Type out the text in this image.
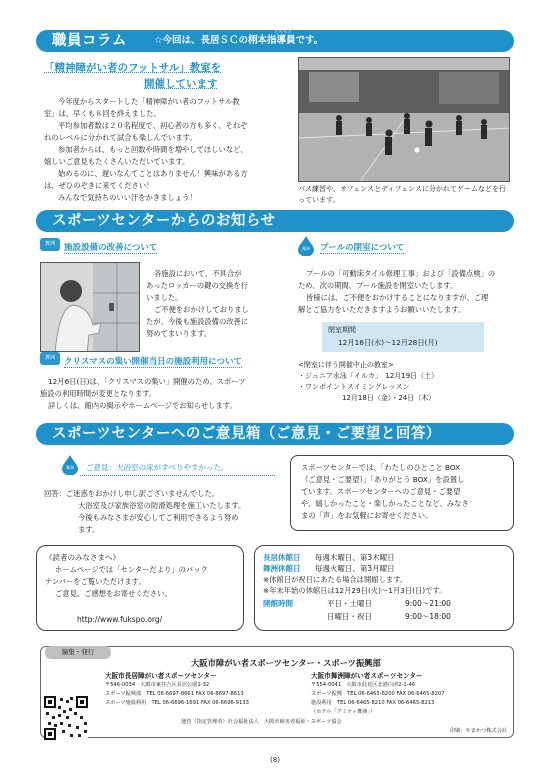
職員コラム	☆今回は、長居ＳＣの栩本指導員です。
とちもと
「精神障がい者のフットサル」教室を
開催しています
今年度からスタートした「精神障がい者のフットサル教
室」は、早くも８回を終えました。
平均参加者数は２０名程度で、初心者の方も多く、それぞ
れのレベルに分かれて試合も楽しんでいます。
参加者からは、もっと回数や時間を増やしてほしいなど、
嬉しいご意見もたくさんいただいています。
始めるのに、遅いなんてことはありません！興味がある方
は、ぜひのぞきに来てください！
みんなで気持ちのいい汗をかきましょう！
パス練習や、オフェンスとディフェンスに分かれてゲームなどを行っています。
スポーツセンターからのお知らせ
舞洲	施設設備の改善について
各施設において、不具合が
あったロッカーの鍵の交換を行
いました。
ご不便をおかけしておりまし
たが、今後も施設設備の改善に
努めてまいります。
舞洲	クリスマスの集い開催当日の施設利用について
12月6日(日)は、「クリスマスの集い」開催のため、スポーツ
施設の利用時間が変更となります。
詳しくは、館内の掲示やホームページでお知らせします。
舞洲	プールの閉室について
プールの「可動床タイル修理工事」および「設備点検」の
ため、次の期間、プール施設を閉室いたします。
皆様には、ご不便をおかけすることになりますが、ご理
解とご協力をいただきますようお願いいたします。
閉室期間
12月16日(水)～12月28日(月)
<閉室に伴う開催中止の教室>
・ジュニア水泳「イルカ」　12月19日（土）
・ワンポイントスイミングレッスン
12月18日（金）・24日（木）
スポーツセンターへのご意見箱（ご意見・ご要望と回答）
舞洲	ご意見：大浴室の床がすべりやすかった。
回答：ご迷惑をおかけし申し訳ございませんでした。
大浴室及び家族浴室の防滑処理を施工いたします。
今後もみなさまが安心してご利用できるよう努め
ます。
スポーツセンターでは、「わたしのひとこと BOX
（ご意見・ご要望）」「ありがとう BOX」を設置し
ています。スポーツセンターへのご意見・ご要望
や、嬉しかったこと・楽しかったことなど、みなさ
まの「声」をお気軽にお寄せください。
《読者のみなさまへ》
ホームページでは「センターだより」のバック
ナンバーをご覧いただけます。
ご意見、ご感想をお寄せください。
http://www.fukspo.org/
長居休館日 毎週木曜日、第3木曜日
舞洲休館日 毎週火曜日、第3月曜日
※休館日が祝日にあたる場合は開館します。
※年末年始の休館日は12月29日(火)～1月3日(日)です。
開館時間	平日・土曜日	9:00～21:00
日曜日・祝日	9:00～18:00
編集・発行
大阪市障がい者スポーツセンター・スポーツ振興部
大阪市長居障がい者スポーツセンター
〒546-0034　大阪市東住吉区長居公園1-32
スポーツ振興部　TEL 06-6697-8661 FAX 06-6697-8613
スポーツ施設利用　TEL 06-6696-1691 FAX 06-6696-9133
大阪市舞洲障がい者スポーツセンター
〒554-0041　大阪市此花区北港白津2-1-46
スポーツ振興　TEL 06-6465-8200 FAX 06-6465-8207
施設利用　TEL 06-6465-8210 FAX 06-6465-8213
（ホテル「アミティ舞洲」）
運営（指定管理者）社会福祉法人　大阪市障害者福祉・スポーツ協会
印刷：やまかつ株式会社
(8)
